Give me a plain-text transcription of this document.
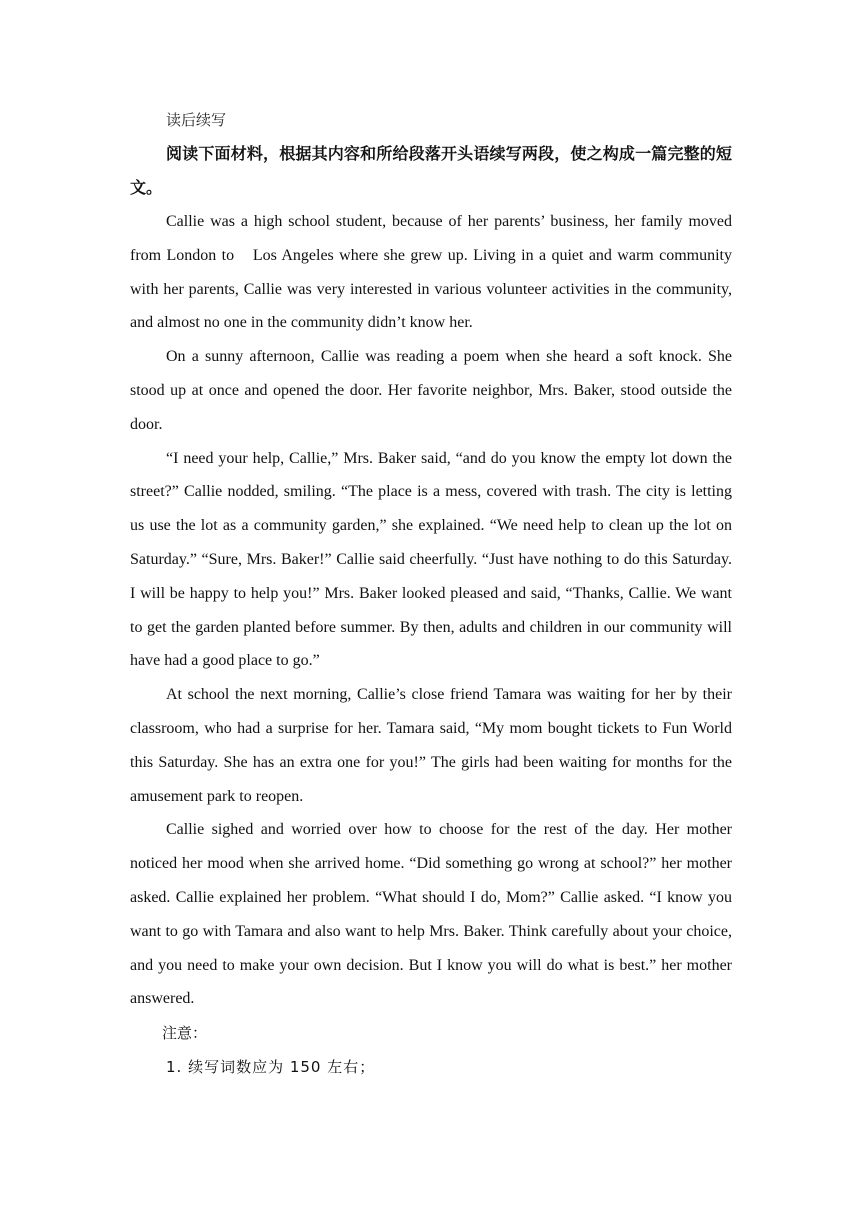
读后续写

阅读下面材料，根据其内容和所给段落开头语续写两段，使之构成一篇完整的短文。

Callie was a high school student, because of her parents’ business, her family moved from London to　Los Angeles where she grew up. Living in a quiet and warm community with her parents, Callie was very interested in various volunteer activities in the community, and almost no one in the community didn’t know her.

On a sunny afternoon, Callie was reading a poem when she heard a soft knock. She stood up at once and opened the door. Her favorite neighbor, Mrs. Baker, stood outside the door.

“I need your help, Callie,” Mrs. Baker said, “and do you know the empty lot down the street?” Callie nodded, smiling. “The place is a mess, covered with trash. The city is letting us use the lot as a community garden,” she explained. “We need help to clean up the lot on Saturday.” “Sure, Mrs. Baker!” Callie said cheerfully. “Just have nothing to do this Saturday. I will be happy to help you!” Mrs. Baker looked pleased and said, “Thanks, Callie. We want to get the garden planted before summer. By then, adults and children in our community will have had a good place to go.”

At school the next morning, Callie’s close friend Tamara was waiting for her by their classroom, who had a surprise for her. Tamara said, “My mom bought tickets to Fun World this Saturday. She has an extra one for you!” The girls had been waiting for months for the amusement park to reopen.

Callie sighed and worried over how to choose for the rest of the day. Her mother noticed her mood when she arrived home. “Did something go wrong at school?” her mother asked. Callie explained her problem. “What should I do, Mom?” Callie asked. “I know you want to go with Tamara and also want to help Mrs. Baker. Think carefully about your choice, and you need to make your own decision. But I know you will do what is best.” her mother answered.

注意：

1. 续写词数应为 150 左右；
